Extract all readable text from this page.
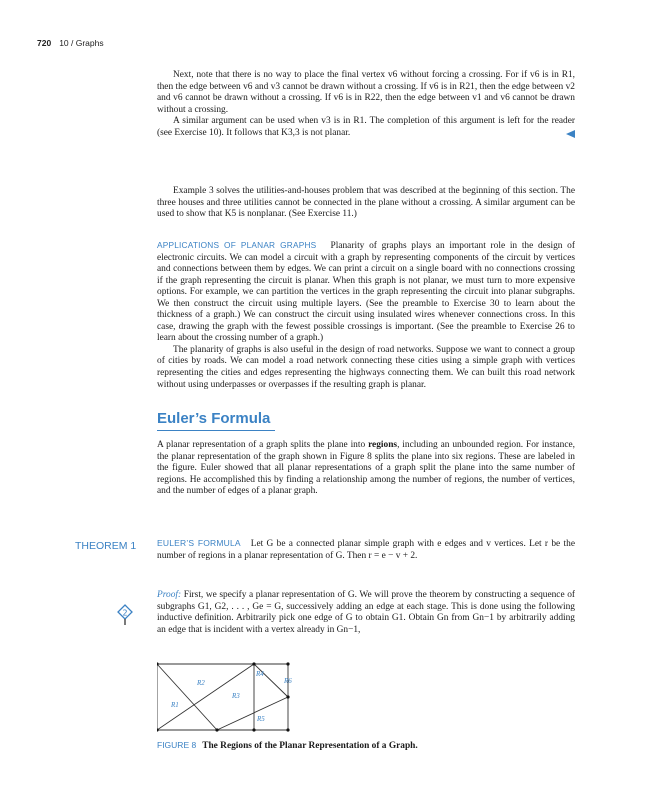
720 10 / Graphs

Next, note that there is no way to place the final vertex v6 without forcing a crossing. For if v6 is in R1, then the edge between v6 and v3 cannot be drawn without a crossing. If v6 is in R21, then the edge between v2 and v6 cannot be drawn without a crossing. If v6 is in R22, then the edge between v1 and v6 cannot be drawn without a crossing.

A similar argument can be used when v3 is in R1. The completion of this argument is left for the reader (see Exercise 10). It follows that K3,3 is not planar.

Example 3 solves the utilities-and-houses problem that was described at the beginning of this section. The three houses and three utilities cannot be connected in the plane without a crossing. A similar argument can be used to show that K5 is nonplanar. (See Exercise 11.)

APPLICATIONS OF PLANAR GRAPHS Planarity of graphs plays an important role in the design of electronic circuits. We can model a circuit with a graph by representing components of the circuit by vertices and connections between them by edges. We can print a circuit on a single board with no connections crossing if the graph representing the circuit is planar. When this graph is not planar, we must turn to more expensive options. For example, we can partition the vertices in the graph representing the circuit into planar subgraphs. We then construct the circuit using multiple layers. (See the preamble to Exercise 30 to learn about the thickness of a graph.) We can construct the circuit using insulated wires whenever connections cross. In this case, drawing the graph with the fewest possible crossings is important. (See the preamble to Exercise 26 to learn about the crossing number of a graph.)

The planarity of graphs is also useful in the design of road networks. Suppose we want to connect a group of cities by roads. We can model a road network connecting these cities using a simple graph with vertices representing the cities and edges representing the highways connecting them. We can built this road network without using underpasses or overpasses if the resulting graph is planar.

Euler’s Formula

A planar representation of a graph splits the plane into regions, including an unbounded region. For instance, the planar representation of the graph shown in Figure 8 splits the plane into six regions. These are labeled in the figure. Euler showed that all planar representations of a graph split the plane into the same number of regions. He accomplished this by finding a relationship among the number of regions, the number of vertices, and the number of edges of a planar graph.

THEOREM 1 EULER’S FORMULA Let G be a connected planar simple graph with e edges and v vertices. Let r be the number of regions in a planar representation of G. Then r = e − v + 2.

2

Proof: First, we specify a planar representation of G. We will prove the theorem by constructing a sequence of subgraphs G1, G2, . . . , Ge = G, successively adding an edge at each stage. This is done using the following inductive definition. Arbitrarily pick one edge of G to obtain G1. Obtain Gn from Gn−1 by arbitrarily adding an edge that is incident with a vertex already in Gn−1,

R1
R2
R3
R4
R5
R6
FIGURE 8 The Regions of the Planar Representation of a Graph.
